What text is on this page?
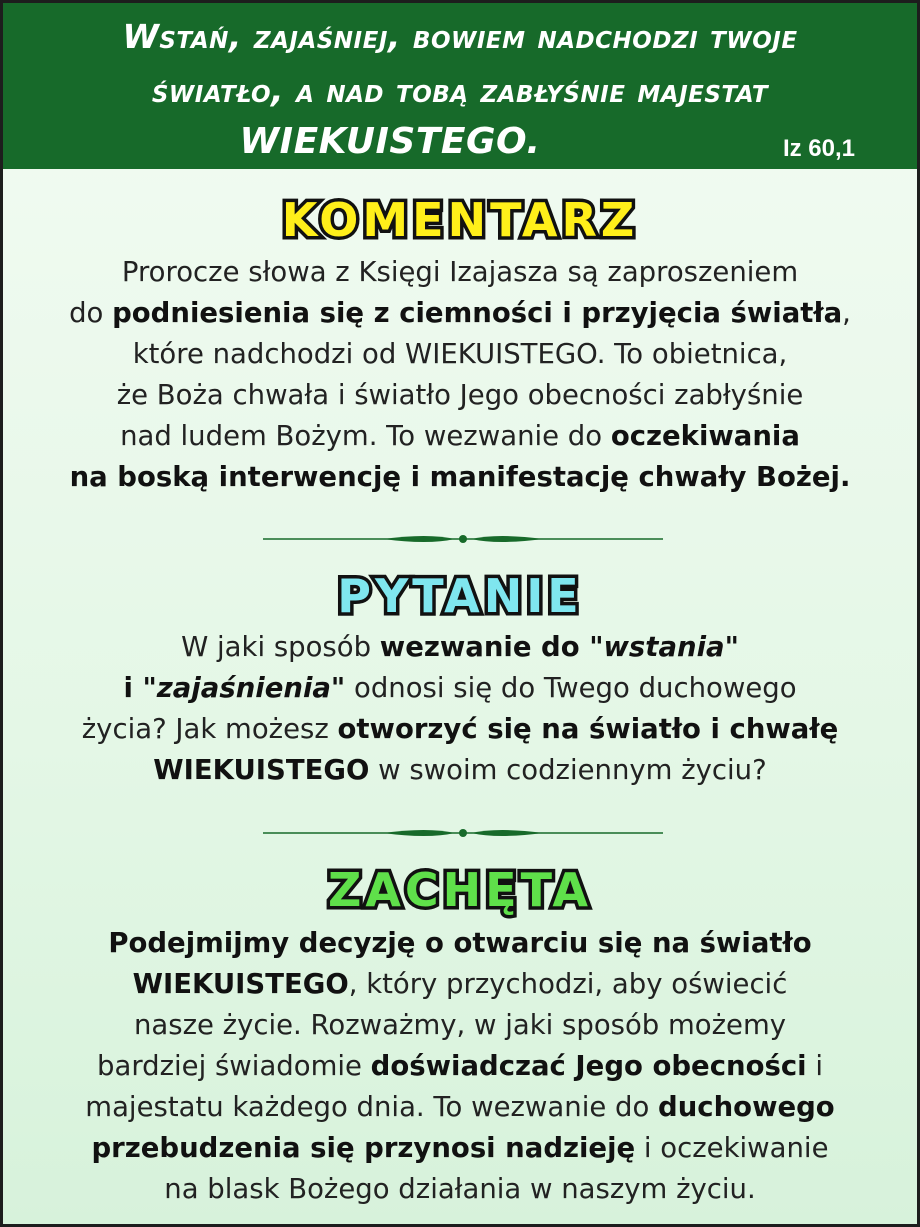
Wstań, zajaśniej, bowiem nadchodzi twoje
światło, a nad tobą zabłyśnie majestat
WIEKUISTEGO.	Iz 60,1
KOMENTARZ
Prorocze słowa z Księgi Izajasza są zaproszeniem
do podniesienia się z ciemności i przyjęcia światła,
które nadchodzi od WIEKUISTEGO. To obietnica,
że Boża chwała i światło Jego obecności zabłyśnie
nad ludem Bożym. To wezwanie do oczekiwania
na boską interwencję i manifestację chwały Bożej.
PYTANIE
W jaki sposób wezwanie do "wstania"
i "zajaśnienia" odnosi się do Twego duchowego
życia? Jak możesz otworzyć się na światło i chwałę
WIEKUISTEGO w swoim codziennym życiu?
ZACHĘTA
Podejmijmy decyzję o otwarciu się na światło
WIEKUISTEGO, który przychodzi, aby oświecić
nasze życie. Rozważmy, w jaki sposób możemy
bardziej świadomie doświadczać Jego obecności i
majestatu każdego dnia. To wezwanie do duchowego
przebudzenia się przynosi nadzieję i oczekiwanie
na blask Bożego działania w naszym życiu.
